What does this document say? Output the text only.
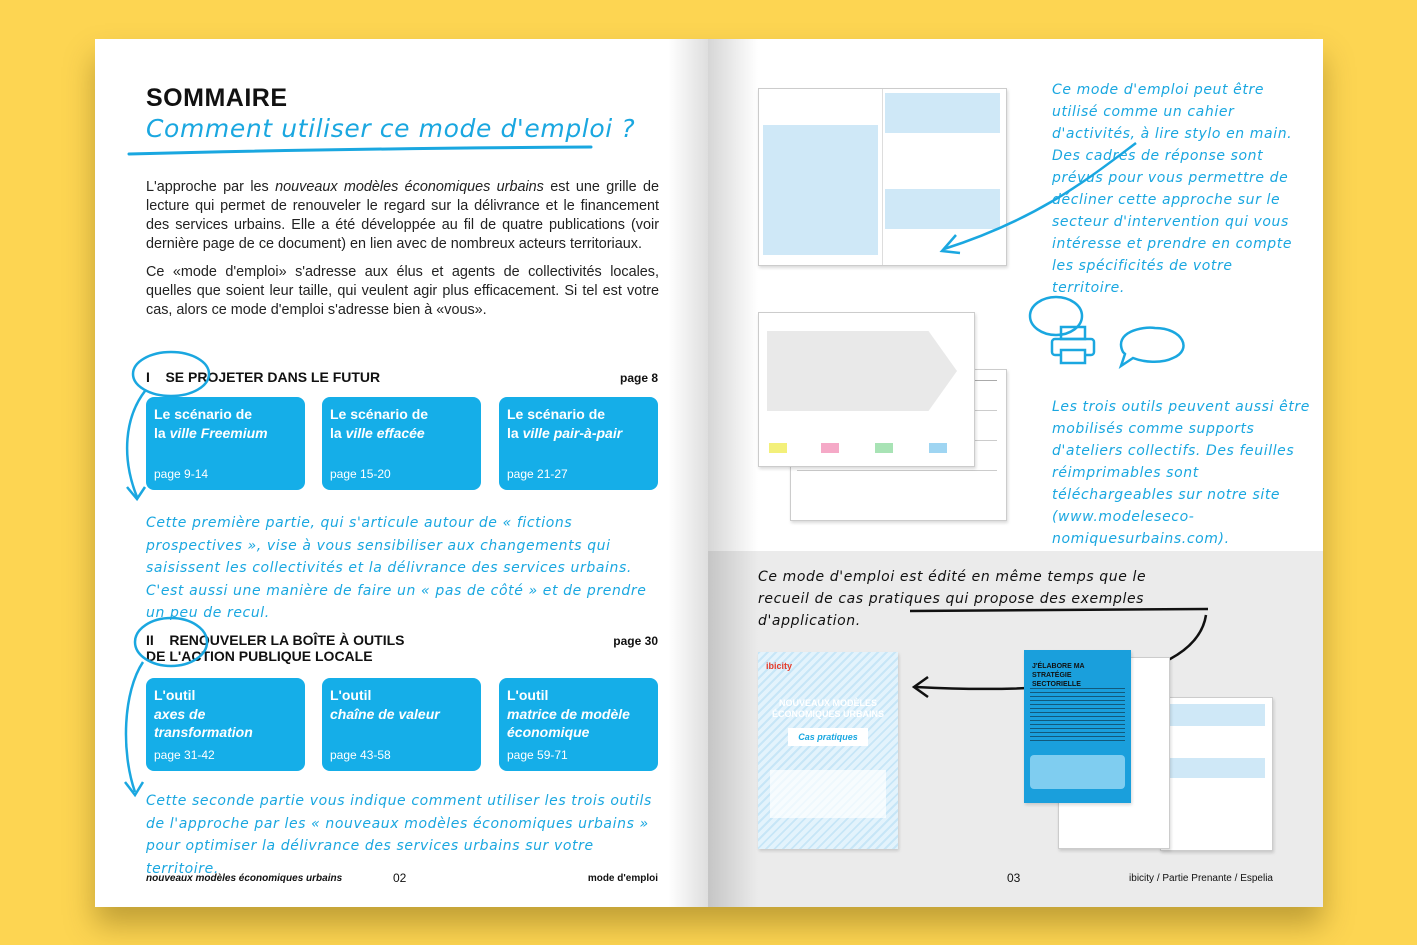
SOMMAIRE
Comment utiliser ce mode d'emploi ?

L'approche par les nouveaux modèles économiques urbains est une grille de lecture qui permet de renouveler le regard sur la délivrance et le financement des services urbains. Elle a été développée au fil de quatre publications (voir dernière page de ce document) en lien avec de nombreux acteurs territoriaux.

Ce «mode d'emploi» s'adresse aux élus et agents de collectivités locales, quelles que soient leur taille, qui veulent agir plus efficacement. Si tel est votre cas, alors ce mode d'emploi s'adresse bien à «vous».

I SE PROJETER DANS LE FUTUR	page 8
Le scénario de
la ville Freemium
page 9-14
Le scénario de
la ville effacée
page 15-20
Le scénario de
la ville pair-à-pair
page 21-27
Cette première partie, qui s'articule autour de « fictions prospectives », vise à vous sensibiliser aux changements qui saisissent les collectivités et la délivrance des services urbains. C'est aussi une manière de faire un « pas de côté » et de prendre un peu de recul.
II RENOUVELER LA BOÎTE À OUTILS
DE L'ACTION PUBLIQUE LOCALE
page 30
L'outil
axes de transformation
page 31-42
L'outil
chaîne de valeur
page 43-58
L'outil
matrice de modèle économique
page 59-71
Cette seconde partie vous indique comment utiliser les trois outils de l'approche par les « nouveaux modèles économiques urbains » pour optimiser la délivrance des services urbains sur votre territoire.
nouveaux modèles économiques urbains	02	mode d'emploi
Ce mode d'emploi peut être utilisé comme un cahier d'activités, à lire stylo en main. Des cadres de réponse sont prévus pour vous permettre de décliner cette approche sur le secteur d'intervention qui vous intéresse et prendre en compte les spécificités de votre territoire.
Les trois outils peuvent aussi être mobilisés comme supports d'ateliers collectifs. Des feuilles réimprimables sont téléchargeables sur notre site (www.modeleseco-nomiquesurbains.com).
Ce mode d'emploi est édité en même temps que le recueil de cas pratiques qui propose des exemples d'application.
ibicity
NOUVEAUX MODÈLES ÉCONOMIQUES URBAINS
Cas pratiques
J'ÉLABORE MA STRATÉGIE SECTORIELLE
03	ibicity / Partie Prenante / Espelia
